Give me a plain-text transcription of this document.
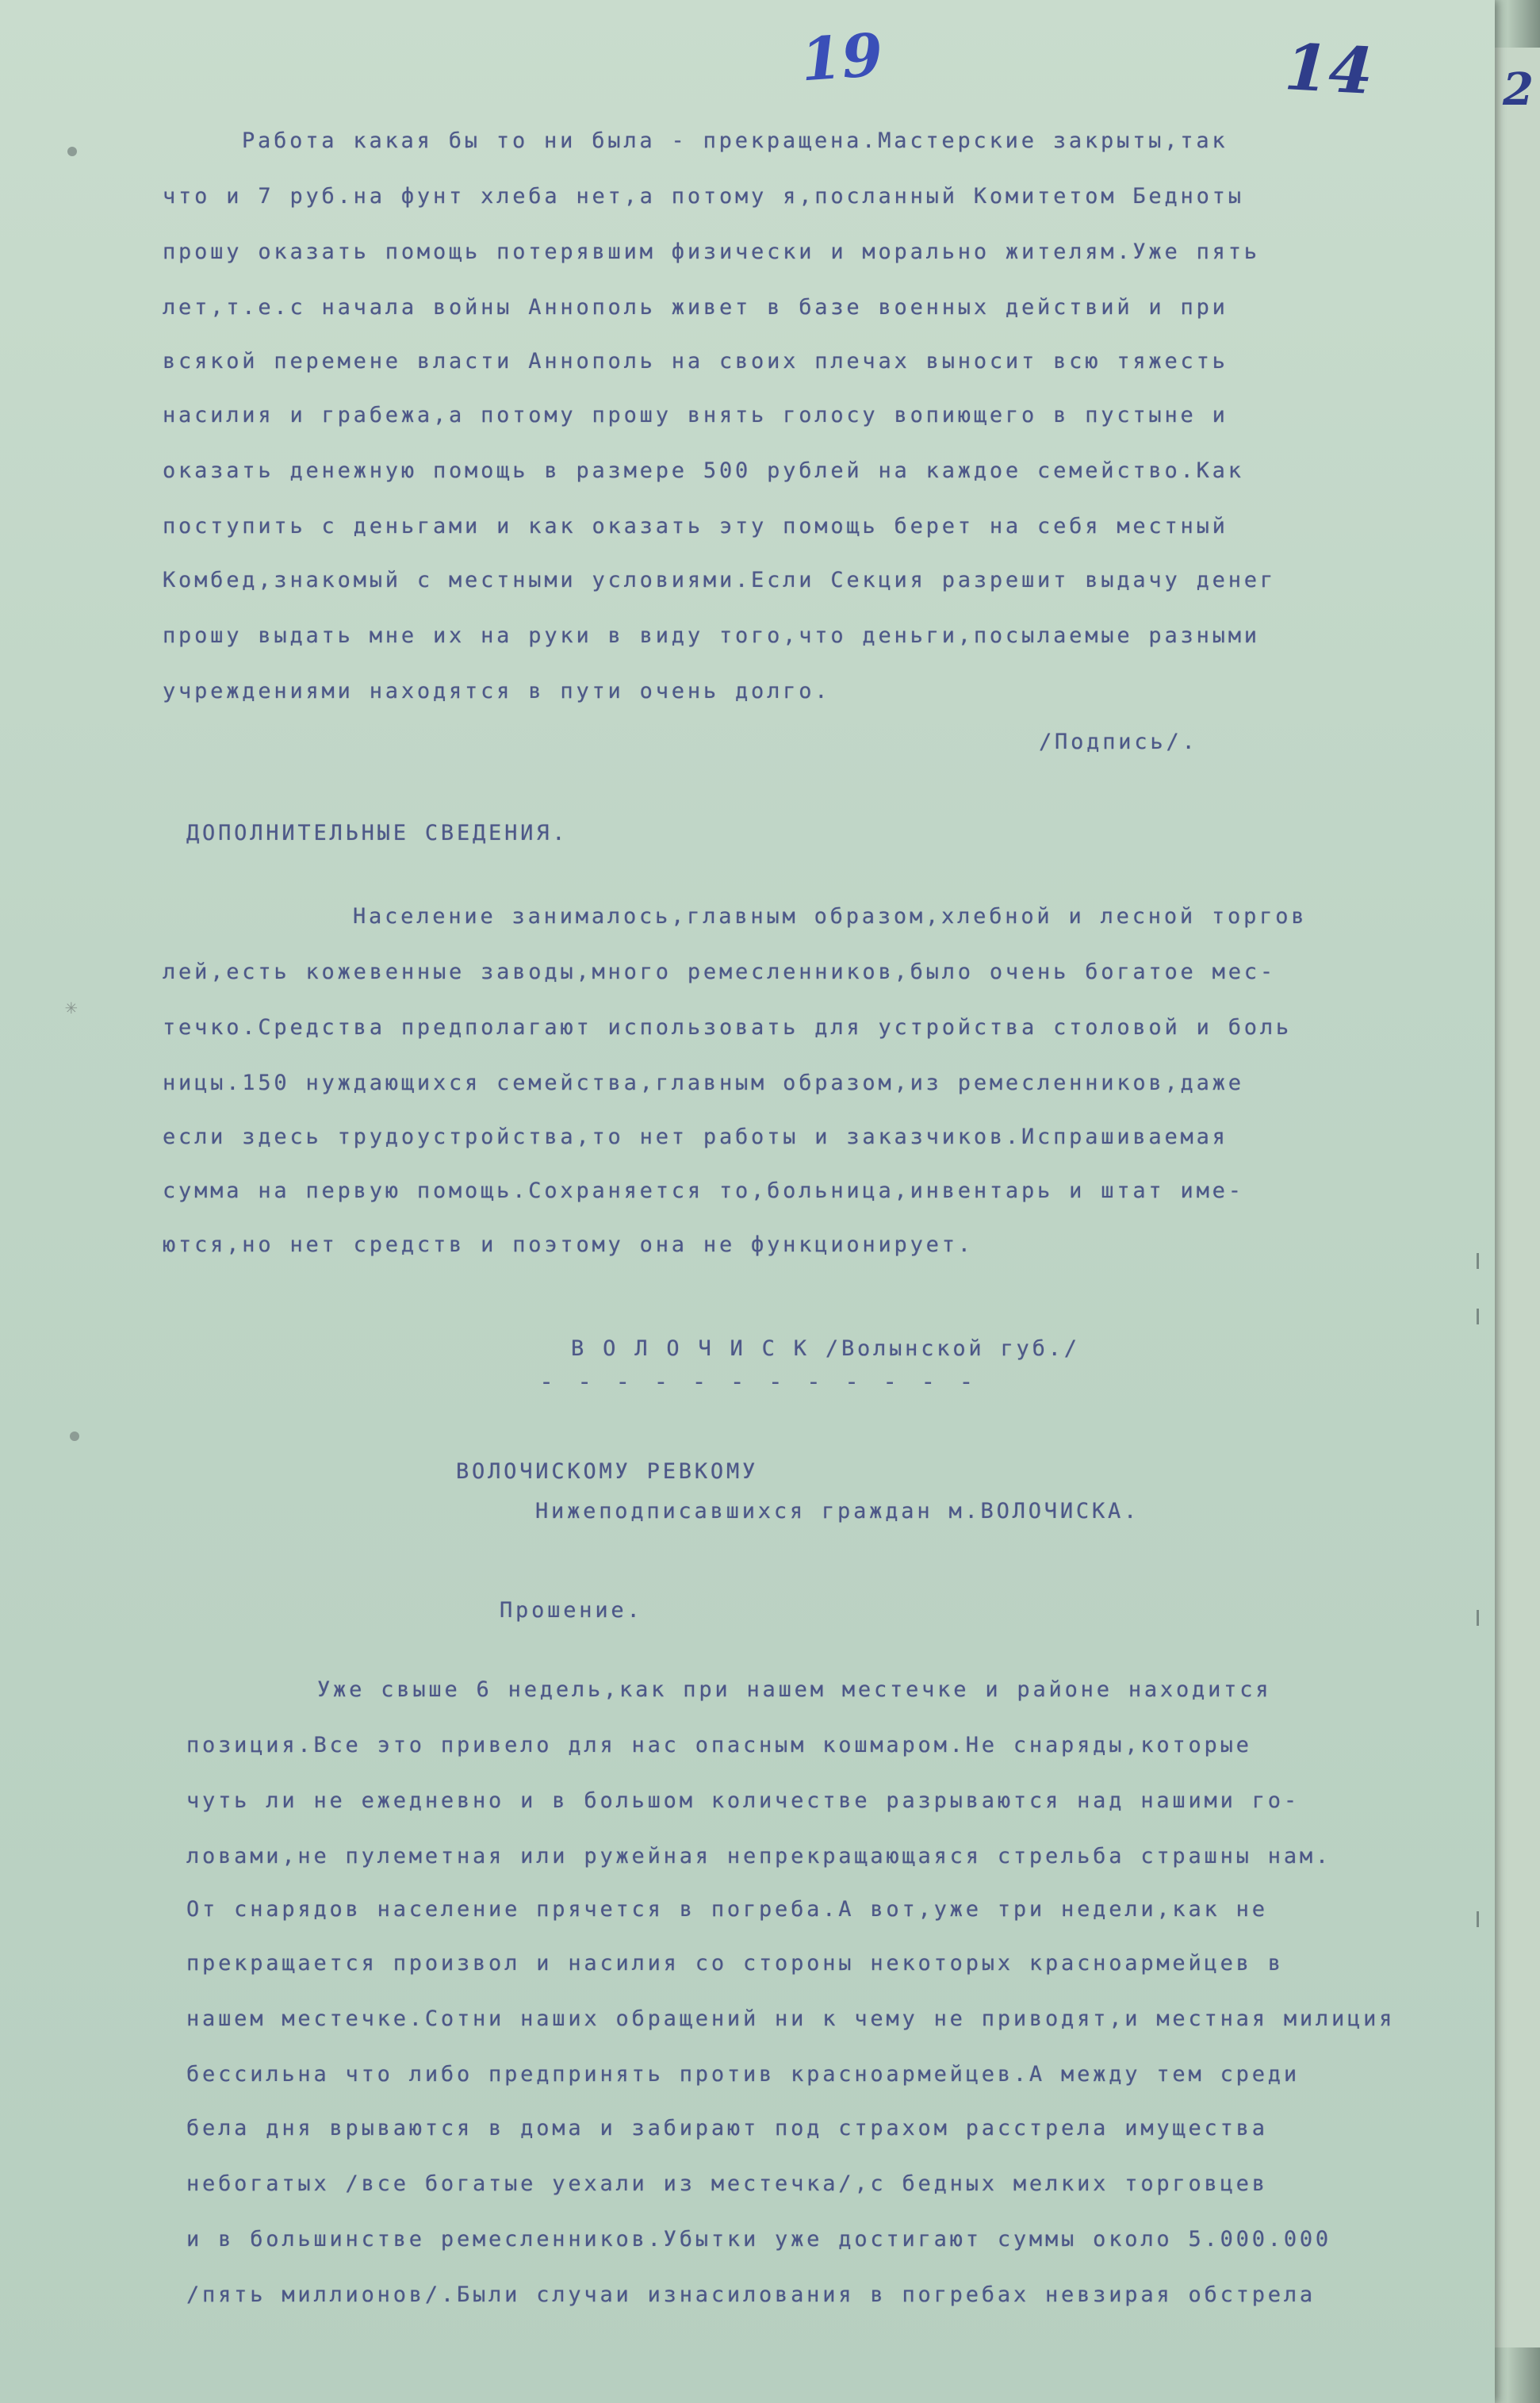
19	14
✳
Работа какая бы то ни была - прекращена.Мастерские закрыты,так
что и 7 руб.на фунт хлеба нет,а потому я,посланный Комитетом Бедноты
прошу оказать помощь потерявшим физически и морально жителям.Уже пять
лет,т.е.с начала войны Аннополь живет в базе военных действий и при
всякой перемене власти Аннополь на своих плечах выносит всю тяжесть
насилия и грабежа,а потому прошу внять голосу вопиющего в пустыне и
оказать денежную помощь в размере 500 рублей на каждое семейство.Как
поступить с деньгами и как оказать эту помощь берет на себя местный
Комбед,знакомый с местными условиями.Если Секция разрешит выдачу денег
прошу выдать мне их на руки в виду того,что деньги,посылаемые разными
учреждениями находятся в пути очень долго.
/Подпись/.
ДОПОЛНИТЕЛЬНЫЕ СВЕДЕНИЯ.
Население занималось,главным образом,хлебной и лесной торгов
лей,есть кожевенные заводы,много ремесленников,было очень богатое мес-
течко.Средства предполагают использовать для устройства столовой и боль
ницы.150 нуждающихся семейства,главным образом,из ремесленников,даже
если здесь трудоустройства,то нет работы и заказчиков.Испрашиваемая
сумма на первую помощь.Сохраняется то,больница,инвентарь и штат име-
ются,но нет средств и поэтому она не функционирует.
В О Л О Ч И С К /Волынской губ./
- - - - - - - - - - - -
ВОЛОЧИСКОМУ РЕВКОМУ
Нижеподписавшихся граждан м.ВОЛОЧИСКА.
Прошение.
Уже свыше 6 недель,как при нашем местечке и районе находится
позиция.Все это привело для нас опасным кошмаром.Не снаряды,которые
чуть ли не ежедневно и в большом количестве разрываются над нашими го-
ловами,не пулеметная или ружейная непрекращающаяся стрельба страшны нам.
От снарядов население прячется в погреба.А вот,уже три недели,как не
прекращается произвол и насилия со стороны некоторых красноармейцев в
нашем местечке.Сотни наших обращений ни к чему не приводят,и местная милиция
бессильна что либо предпринять против красноармейцев.А между тем среди
бела дня врываются в дома и забирают под страхом расстрела имущества
небогатых /все богатые уехали из местечка/,с бедных мелких торговцев
и в большинстве ремесленников.Убытки уже достигают суммы около 5.000.000
/пять миллионов/.Были случаи изнасилования в погребах невзирая обстрела
2
